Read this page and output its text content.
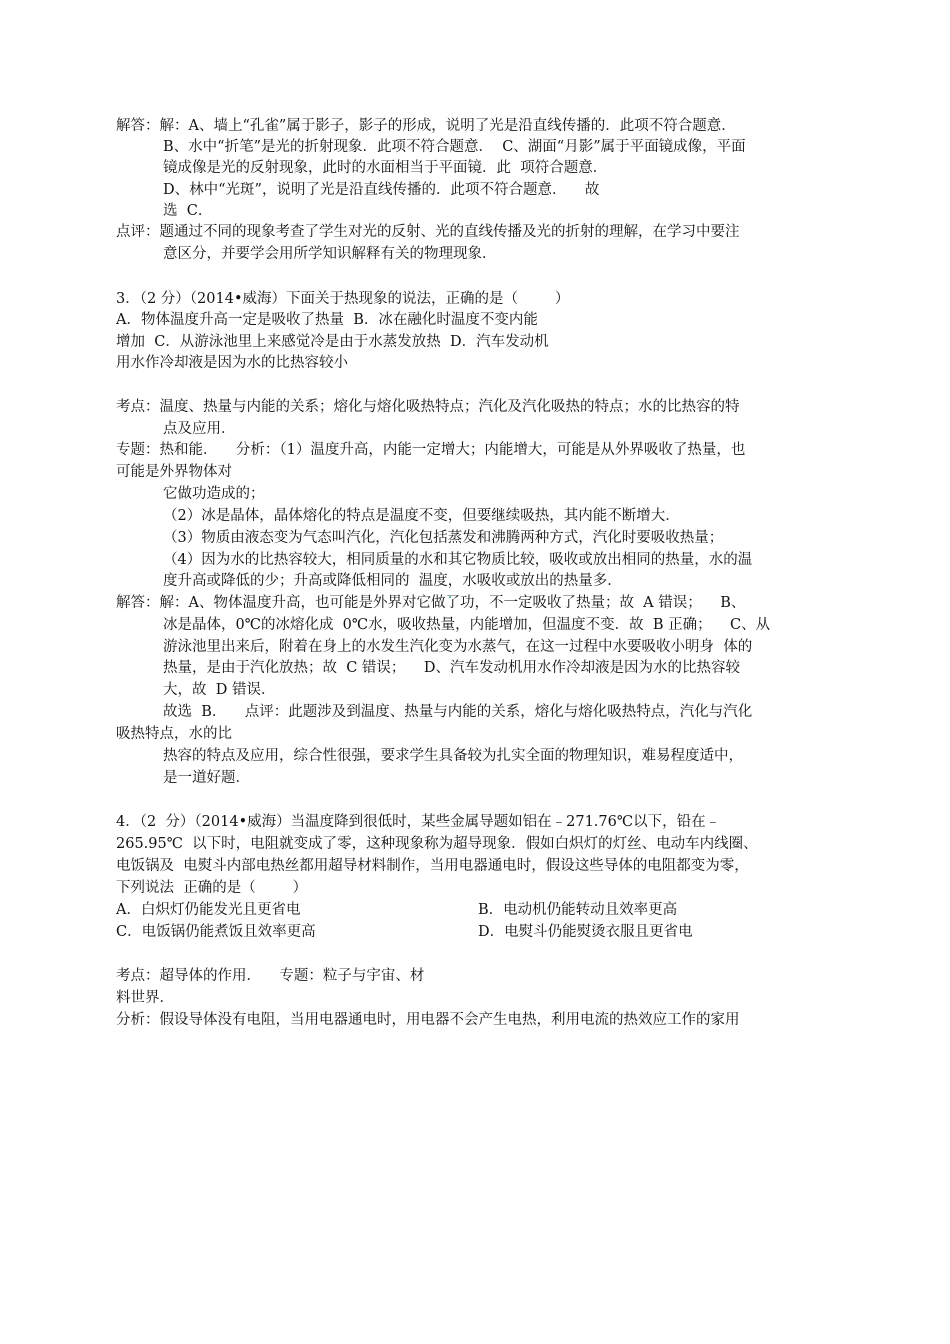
解答：解：A、墙上“孔雀”属于影子，影子的形成，说明了光是沿直线传播的．此项不符合题意．
B、水中“折笔”是光的折射现象．此项不符合题意．  C、湖面“月影”属于平面镜成像，平面
镜成像是光的反射现象，此时的水面相当于平面镜．此  项符合题意．
D、林中“光斑”，说明了光是沿直线传播的．此项不符合题意．    故
选  C．
点评：题通过不同的现象考查了学生对光的反射、光的直线传播及光的折射的理解，在学习中要注
意区分，并要学会用所学知识解释有关的物理现象．
3．（2 分）（2014•威海）下面关于热现象的说法，正确的是（        ）
A．物体温度升高一定是吸收了热量  B．冰在融化时温度不变内能
增加  C．从游泳池里上来感觉冷是由于水蒸发放热  D．汽车发动机
用水作冷却液是因为水的比热容较小
考点：温度、热量与内能的关系；熔化与熔化吸热特点；汽化及汽化吸热的特点；水的比热容的特
点及应用．
专题：热和能．    分析：（1）温度升高，内能一定增大；内能增大，可能是从外界吸收了热量，也
可能是外界物体对
它做功造成的；
（2）冰是晶体，晶体熔化的特点是温度不变，但要继续吸热，其内能不断增大．
（3）物质由液态变为气态叫汽化，汽化包括蒸发和沸腾两种方式，汽化时要吸收热量；
（4）因为水的比热容较大，相同质量的水和其它物质比较，吸收或放出相同的热量，水的温
度升高或降低的少；升高或降低相同的  温度，水吸收或放出的热量多．
解答：解：A、物体温度升高，也可能是外界对它做了功，不一定吸收了热量；故  A 错误；    B、
冰是晶体，0℃的冰熔化成  0℃水，吸收热量，内能增加，但温度不变．故  B 正确；    C、从
游泳池里出来后，附着在身上的水发生汽化变为水蒸气，在这一过程中水要吸收小明身  体的
热量，是由于汽化放热；故  C 错误；    D、汽车发动机用水作冷却液是因为水的比热容较
大，故  D 错误．
故选  B．    点评：此题涉及到温度、热量与内能的关系，熔化与熔化吸热特点，汽化与汽化
吸热特点，水的比
热容的特点及应用，综合性很强，要求学生具备较为扎实全面的物理知识，难易程度适中，
是一道好题．
4．（2  分）（2014•威海）当温度降到很低时，某些金属导题如铝在﹣271.76℃以下，铅在﹣
265.95℃  以下时，电阻就变成了零，这种现象称为超导现象．假如白炽灯的灯丝、电动车内线圈、
电饭锅及  电熨斗内部电热丝都用超导材料制作，当用电器通电时，假设这些导体的电阻都变为零，
下列说法  正确的是（        ）
A．白炽灯仍能发光且更省电	B．电动机仍能转动且效率更高
C．电饭锅仍能煮饭且效率更高	D．电熨斗仍能熨烫衣服且更省电
考点：超导体的作用．    专题：粒子与宇宙、材
料世界．
分析：假设导体没有电阻，当用电器通电时，用电器不会产生电热，利用电流的热效应工作的家用
